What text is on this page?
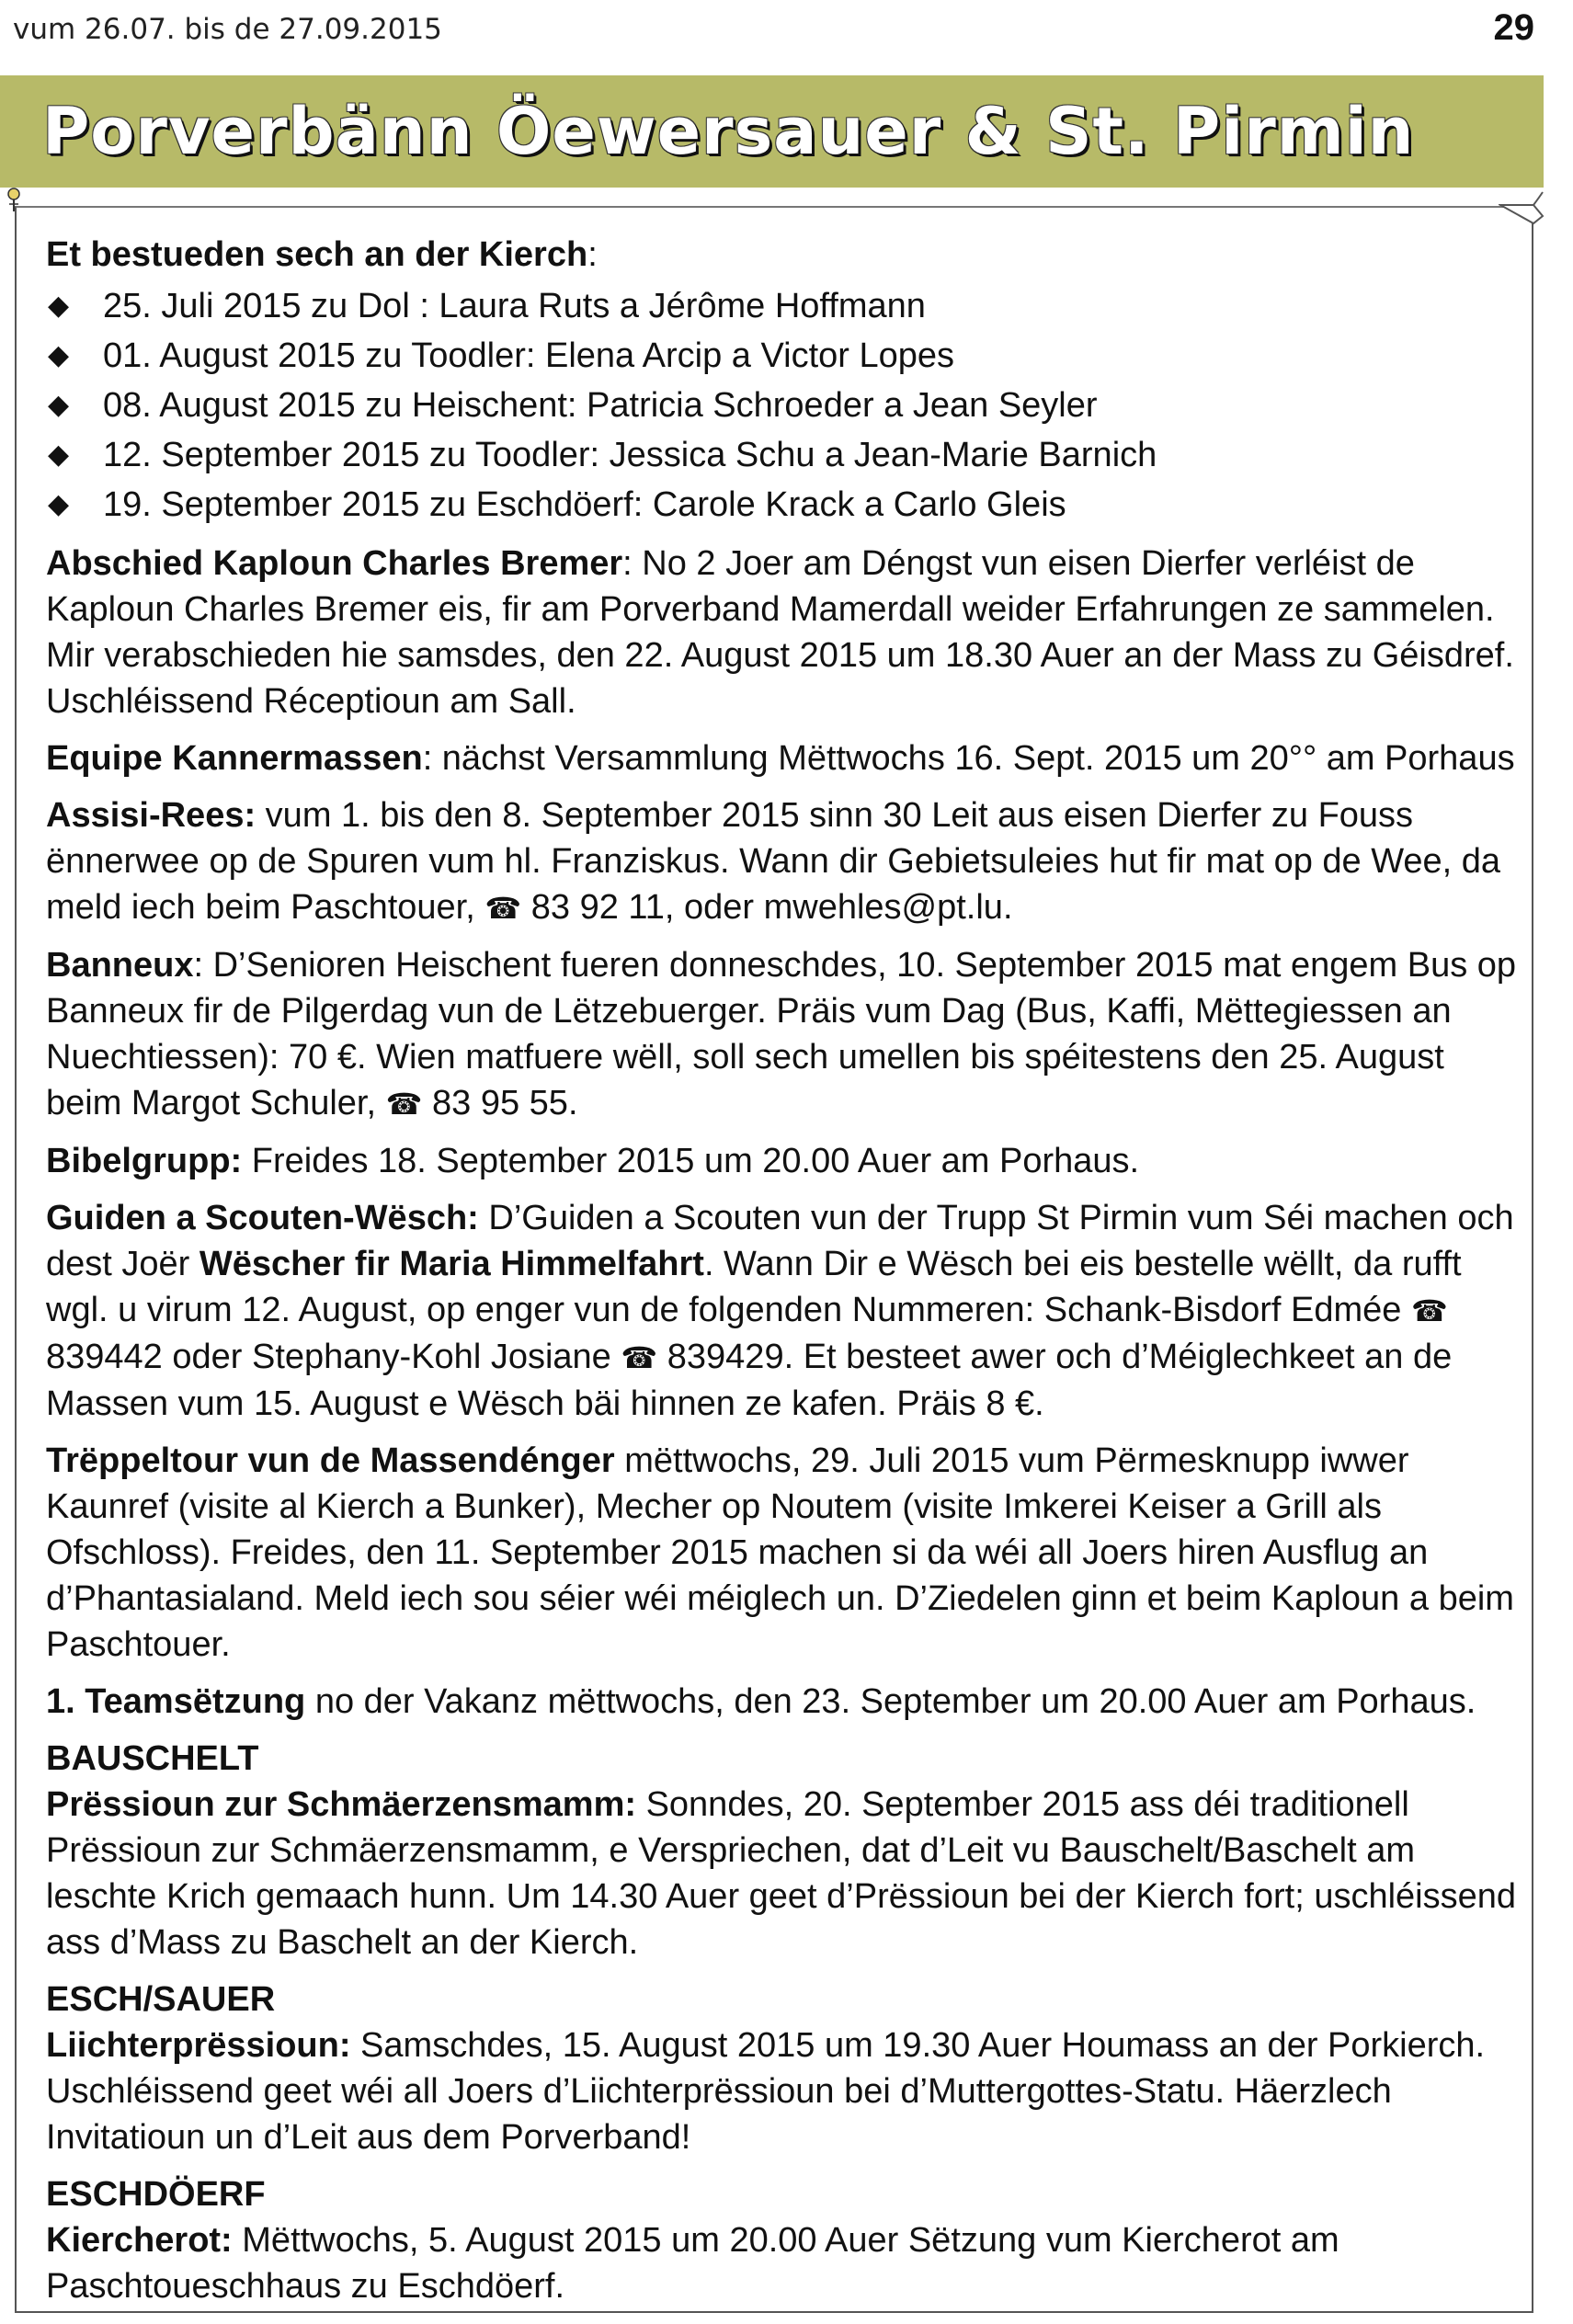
vum 26.07. bis de 27.09.2015	29
Porverbänn Öewersauer & St. Pirmin

Et bestueden sech an der Kierch:

◆ 25. Juli 2015 zu Dol : Laura Ruts a Jérôme Hoffmann
◆ 01. August 2015 zu Toodler: Elena Arcip a Victor Lopes
◆ 08. August 2015 zu Heischent: Patricia Schroeder a Jean Seyler
◆ 12. September 2015 zu Toodler: Jessica Schu a Jean-Marie Barnich
◆ 19. September 2015 zu Eschdöerf: Carole Krack a Carlo Gleis

Abschied Kaploun Charles Bremer: No 2 Joer am Déngst vun eisen Dierfer verléist de Kaploun Charles Bremer eis, fir am Porverband Mamerdall weider Erfahrungen ze sammelen. Mir verabschieden hie samsdes, den 22. August 2015 um 18.30 Auer an der Mass zu Géisdref. Uschléissend Réceptioun am Sall.

Equipe Kannermassen: nächst Versammlung Mëttwochs 16. Sept. 2015 um 20°° am Porhaus

Assisi-Rees: vum 1. bis den 8. September 2015 sinn 30 Leit aus eisen Dierfer zu Fouss ënnerwee op de Spuren vum hl. Franziskus. Wann dir Gebietsuleies hut fir mat op de Wee, da meld iech beim Paschtouer, ☎ 83 92 11, oder mwehles@pt.lu.

Banneux: D’Senioren Heischent fueren donneschdes, 10. September 2015 mat engem Bus op Banneux fir de Pilgerdag vun de Lëtzebuerger. Präis vum Dag (Bus, Kaffi, Mëttegiessen an Nuechtiessen): 70 €. Wien matfuere wëll, soll sech umellen bis spéitestens den 25. August beim Margot Schuler, ☎ 83 95 55.

Bibelgrupp: Freides 18. September 2015 um 20.00 Auer am Porhaus.

Guiden a Scouten-Wësch: D’Guiden a Scouten vun der Trupp St Pirmin vum Séi machen och dest Joër Wëscher fir Maria Himmelfahrt. Wann Dir e Wësch bei eis bestelle wëllt, da rufft wgl. u virum 12. August, op enger vun de folgenden Nummeren: Schank-Bisdorf Edmée ☎ 839442 oder Stephany-Kohl Josiane ☎ 839429. Et besteet awer och d’Méiglechkeet an de Massen vum 15. August e Wësch bäi hinnen ze kafen. Präis 8 €.

Trëppeltour vun de Massendénger mëttwochs, 29. Juli 2015 vum Përmesknupp iwwer Kaunref (visite al Kierch a Bunker), Mecher op Noutem (visite Imkerei Keiser a Grill als Ofschloss). Freides, den 11. September 2015 machen si da wéi all Joers hiren Ausflug an d’Phantasialand. Meld iech sou séier wéi méiglech un. D’Ziedelen ginn et beim Kaploun a beim Paschtouer.

1. Teamsëtzung no der Vakanz mëttwochs, den 23. September um 20.00 Auer am Porhaus.

BAUSCHELT

Prëssioun zur Schmäerzensmamm: Sonndes, 20. September 2015 ass déi traditionell Prëssioun zur Schmäerzensmamm, e Verspriechen, dat d’Leit vu Bauschelt/Baschelt am leschte Krich gemaach hunn. Um 14.30 Auer geet d’Prëssioun bei der Kierch fort; uschléissend ass d’Mass zu Baschelt an der Kierch.

ESCH/SAUER

Liichterprëssioun: Samschdes, 15. August 2015 um 19.30 Auer Houmass an der Porkierch. Uschléissend geet wéi all Joers d’Liichterprëssioun bei d’Muttergottes-Statu. Häerzlech Invitatioun un d’Leit aus dem Porverband!

ESCHDÖERF

Kiercherot: Mëttwochs, 5. August 2015 um 20.00 Auer Sëtzung vum Kiercherot am Paschtoueschhaus zu Eschdöerf.
